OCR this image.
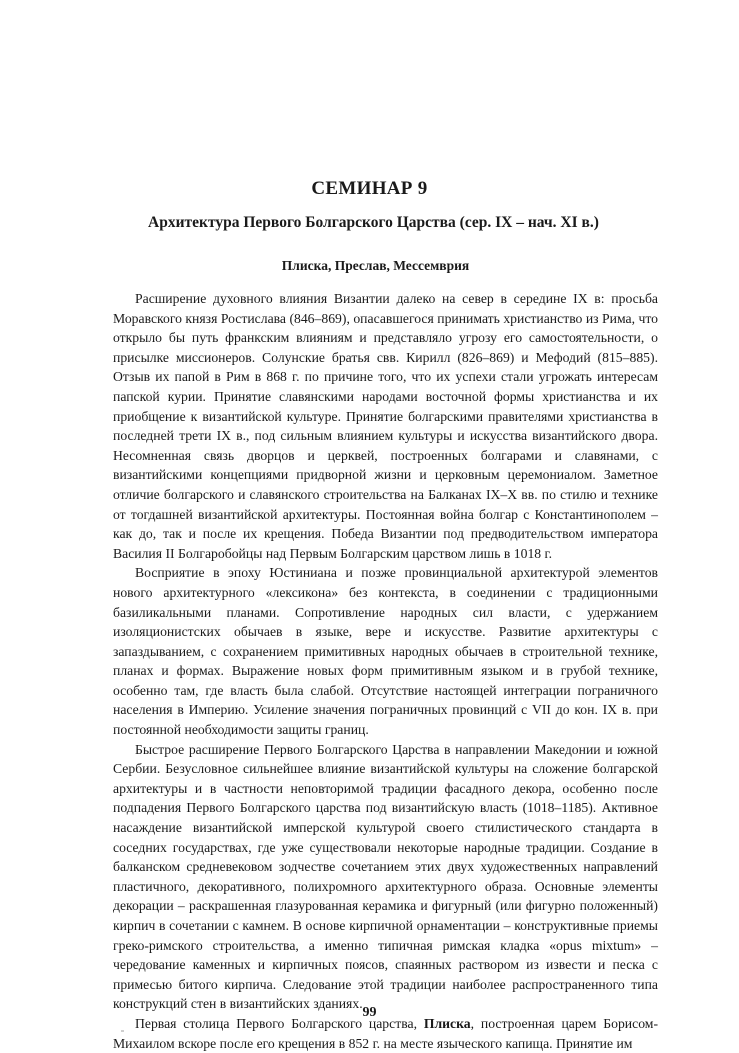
СЕМИНАР 9
Архитектура Первого Болгарского Царства (сер. IX – нач. XI в.)
Плиска, Преслав, Мессемврия

Расширение духовного влияния Византии далеко на север в середине IX в: просьба Моравского князя Ростислава (846–869), опасавшегося принимать христианство из Рима, что открыло бы путь франкским влияниям и представляло угрозу его самостоятельности, о присылке миссионеров. Солунские братья свв. Кирилл (826–869) и Мефодий (815–885). Отзыв их папой в Рим в 868 г. по причине того, что их успехи стали угрожать интересам папской курии. Принятие славянскими народами восточной формы христианства и их приобщение к византийской культуре. Принятие болгарскими правителями христианства в последней трети IX в., под сильным влиянием культуры и искусства византийского двора. Несомненная связь дворцов и церквей, построенных болгарами и славянами, с византийскими концепциями придворной жизни и церковным церемониалом. Заметное отличие болгарского и славянского строительства на Балканах IX–X вв. по стилю и технике от тогдашней византийской архитектуры. Постоянная война болгар с Константинополем – как до, так и после их крещения. Победа Византии под предводительством императора Василия II Болгаробойцы над Первым Болгарским царством лишь в 1018 г.

Восприятие в эпоху Юстиниана и позже провинциальной архитектурой элементов нового архитектурного «лексикона» без контекста, в соединении с традиционными базиликальными планами. Сопротивление народных сил власти, с удержанием изоляционистских обычаев в языке, вере и искусстве. Развитие архитектуры с запаздыванием, с сохранением примитивных народных обычаев в строительной технике, планах и формах. Выражение новых форм примитивным языком и в грубой технике, особенно там, где власть была слабой. Отсутствие настоящей интеграции пограничного населения в Империю. Усиление значения пограничных провинций с VII до кон. IX в. при постоянной необходимости защиты границ.

Быстрое расширение Первого Болгарского Царства в направлении Македонии и южной Сербии. Безусловное сильнейшее влияние византийской культуры на сложение болгарской архитектуры и в частности неповторимой традиции фасадного декора, особенно после подпадения Первого Болгарского царства под византийскую власть (1018–1185). Активное насаждение византийской имперской культурой своего стилистического стандарта в соседних государствах, где уже существовали некоторые народные традиции. Создание в балканском средневековом зодчестве сочетанием этих двух художественных направлений пластичного, декоративного, полихромного архитектурного образа. Основные элементы декорации – раскрашенная глазурованная керамика и фигурный (или фигурно положенный) кирпич в сочетании с камнем. В основе кирпичной орнаментации – конструктивные приемы греко-римского строительства, а именно типичная римская кладка «opus mixtum» – чередование каменных и кирпичных поясов, спаянных раствором из извести и песка с примесью битого кирпича. Следование этой традиции наиболее распространенного типа конструкций стен в византийских зданиях.

Первая столица Первого Болгарского царства, Плиска, построенная царем Борисом-Михаилом вскоре после его крещения в 852 г. на месте языческого капища. Принятие им

99
